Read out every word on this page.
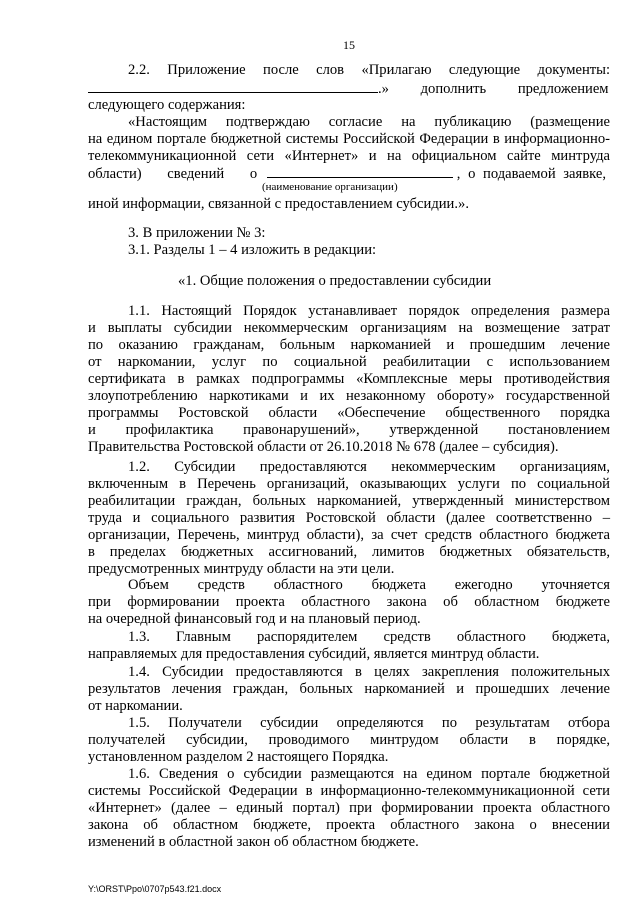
15

2.2. Приложение после слов «Прилагаю следующие документы:

.» дополнить предложением

следующего содержания:

«Настоящим подтверждаю согласие на публикацию (размещение

на едином портале бюджетной системы Российской Федерации в информационно-

телекоммуникационной сети «Интернет» и на официальном сайте минтруда

области) сведений о	, о подаваемой заявке,

(наименование организации)

иной информации, связанной с предоставлением субсидии.».

3. В приложении № 3:

3.1. Разделы 1 – 4 изложить в редакции:

«1. Общие положения о предоставлении субсидии

Y:\ORST\Ppo\0707p543.f21.docx

1.1. Настоящий Порядок устанавливает порядок определения размера

и выплаты субсидии некоммерческим организациям на возмещение затрат

по оказанию гражданам, больным наркоманией и прошедшим лечение

от наркомании, услуг по социальной реабилитации с использованием

сертификата в рамках подпрограммы «Комплексные меры противодействия

злоупотреблению наркотиками и их незаконному обороту» государственной

программы Ростовской области «Обеспечение общественного порядка

и профилактика правонарушений», утвержденной постановлением

Правительства Ростовской области от 26.10.2018 № 678 (далее – субсидия).

1.2. Субсидии предоставляются некоммерческим организациям,

включенным в Перечень организаций, оказывающих услуги по социальной

реабилитации граждан, больных наркоманией, утвержденный министерством

труда и социального развития Ростовской области (далее соответственно –

организации, Перечень, минтруд области), за счет средств областного бюджета

в пределах бюджетных ассигнований, лимитов бюджетных обязательств,

предусмотренных минтруду области на эти цели.

Объем средств областного бюджета ежегодно уточняется

при формировании проекта областного закона об областном бюджете

на очередной финансовый год и на плановый период.

1.3. Главным распорядителем средств областного бюджета,

направляемых для предоставления субсидий, является минтруд области.

1.4. Субсидии предоставляются в целях закрепления положительных

результатов лечения граждан, больных наркоманией и прошедших лечение

от наркомании.

1.5. Получатели субсидии определяются по результатам отбора

получателей субсидии, проводимого минтрудом области в порядке,

установленном разделом 2 настоящего Порядка.

1.6. Сведения о субсидии размещаются на едином портале бюджетной

системы Российской Федерации в информационно-телекоммуникационной сети

«Интернет» (далее – единый портал) при формировании проекта областного

закона об областном бюджете, проекта областного закона о внесении

изменений в областной закон об областном бюджете.
